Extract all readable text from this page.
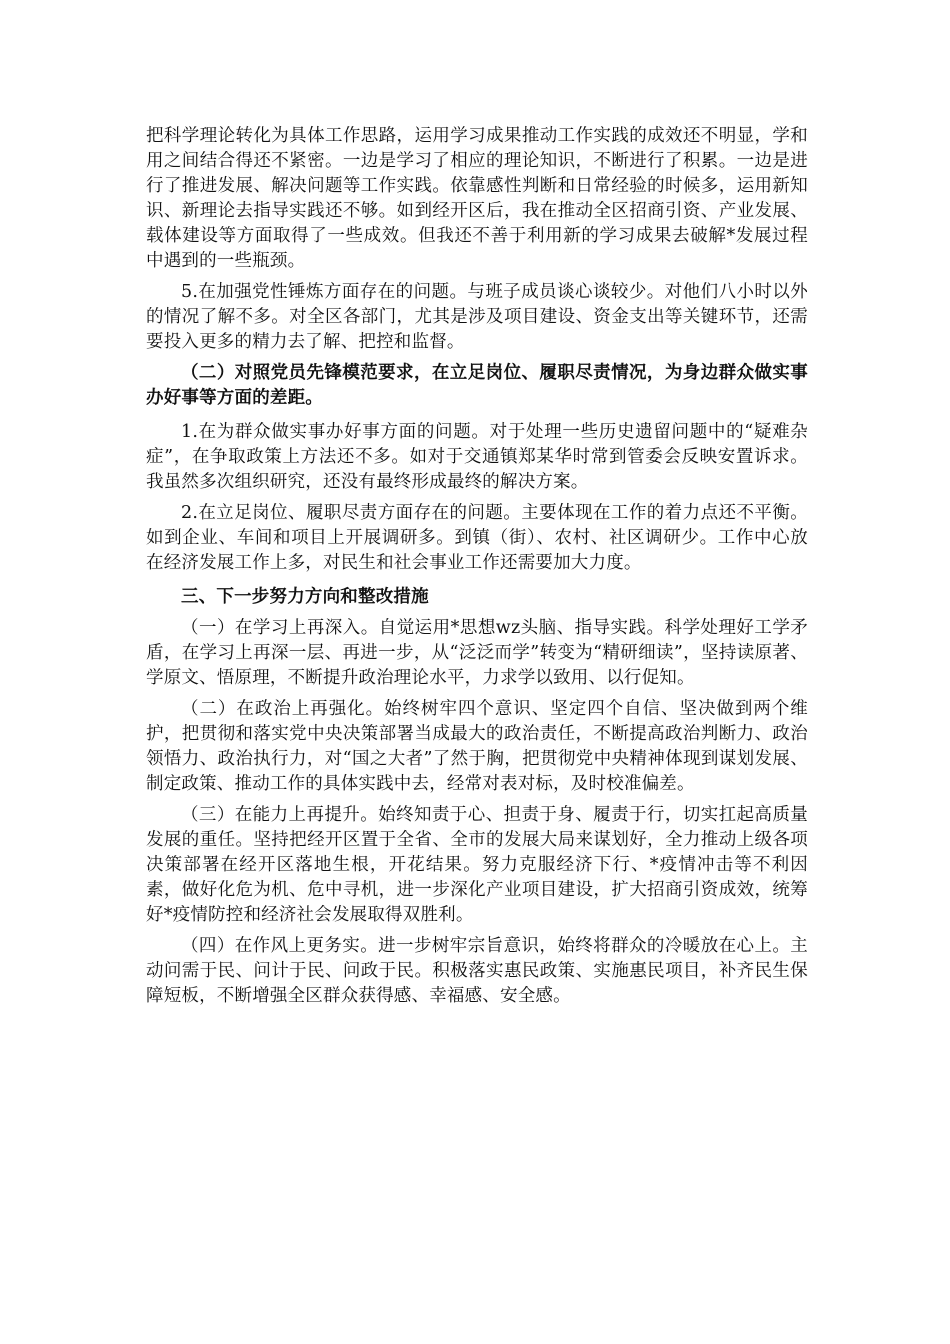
把科学理论转化为具体工作思路，运用学习成果推动工作实践的成效还不明显，学和用之间结合得还不紧密。一边是学习了相应的理论知识，不断进行了积累。一边是进行了推进发展、解决问题等工作实践。依靠感性判断和日常经验的时候多，运用新知识、新理论去指导实践还不够。如到经开区后，我在推动全区招商引资、产业发展、载体建设等方面取得了一些成效。但我还不善于利用新的学习成果去破解*发展过程中遇到的一些瓶颈。

5.在加强党性锤炼方面存在的问题。与班子成员谈心谈较少。对他们八小时以外的情况了解不多。对全区各部门，尤其是涉及项目建设、资金支出等关键环节，还需要投入更多的精力去了解、把控和监督。

（二）对照党员先锋模范要求，在立足岗位、履职尽责情况，为身边群众做实事办好事等方面的差距。

1.在为群众做实事办好事方面的问题。对于处理一些历史遗留问题中的“疑难杂症”，在争取政策上方法还不多。如对于交通镇郑某华时常到管委会反映安置诉求。我虽然多次组织研究，还没有最终形成最终的解决方案。

2.在立足岗位、履职尽责方面存在的问题。主要体现在工作的着力点还不平衡。如到企业、车间和项目上开展调研多。到镇（街）、农村、社区调研少。工作中心放在经济发展工作上多，对民生和社会事业工作还需要加大力度。

三、下一步努力方向和整改措施

（一）在学习上再深入。自觉运用*思想wz头脑、指导实践。科学处理好工学矛盾，在学习上再深一层、再进一步，从“泛泛而学”转变为“精研细读”，坚持读原著、学原文、悟原理，不断提升政治理论水平，力求学以致用、以行促知。

（二）在政治上再强化。始终树牢四个意识、坚定四个自信、坚决做到两个维护，把贯彻和落实党中央决策部署当成最大的政治责任，不断提高政治判断力、政治领悟力、政治执行力，对“国之大者”了然于胸，把贯彻党中央精神体现到谋划发展、制定政策、推动工作的具体实践中去，经常对表对标，及时校准偏差。

（三）在能力上再提升。始终知责于心、担责于身、履责于行，切实扛起高质量发展的重任。坚持把经开区置于全省、全市的发展大局来谋划好，全力推动上级各项决策部署在经开区落地生根，开花结果。努力克服经济下行、*疫情冲击等不利因素，做好化危为机、危中寻机，进一步深化产业项目建设，扩大招商引资成效，统筹好*疫情防控和经济社会发展取得双胜利。

（四）在作风上更务实。进一步树牢宗旨意识，始终将群众的冷暖放在心上。主动问需于民、问计于民、问政于民。积极落实惠民政策、实施惠民项目，补齐民生保障短板，不断增强全区群众获得感、幸福感、安全感。
